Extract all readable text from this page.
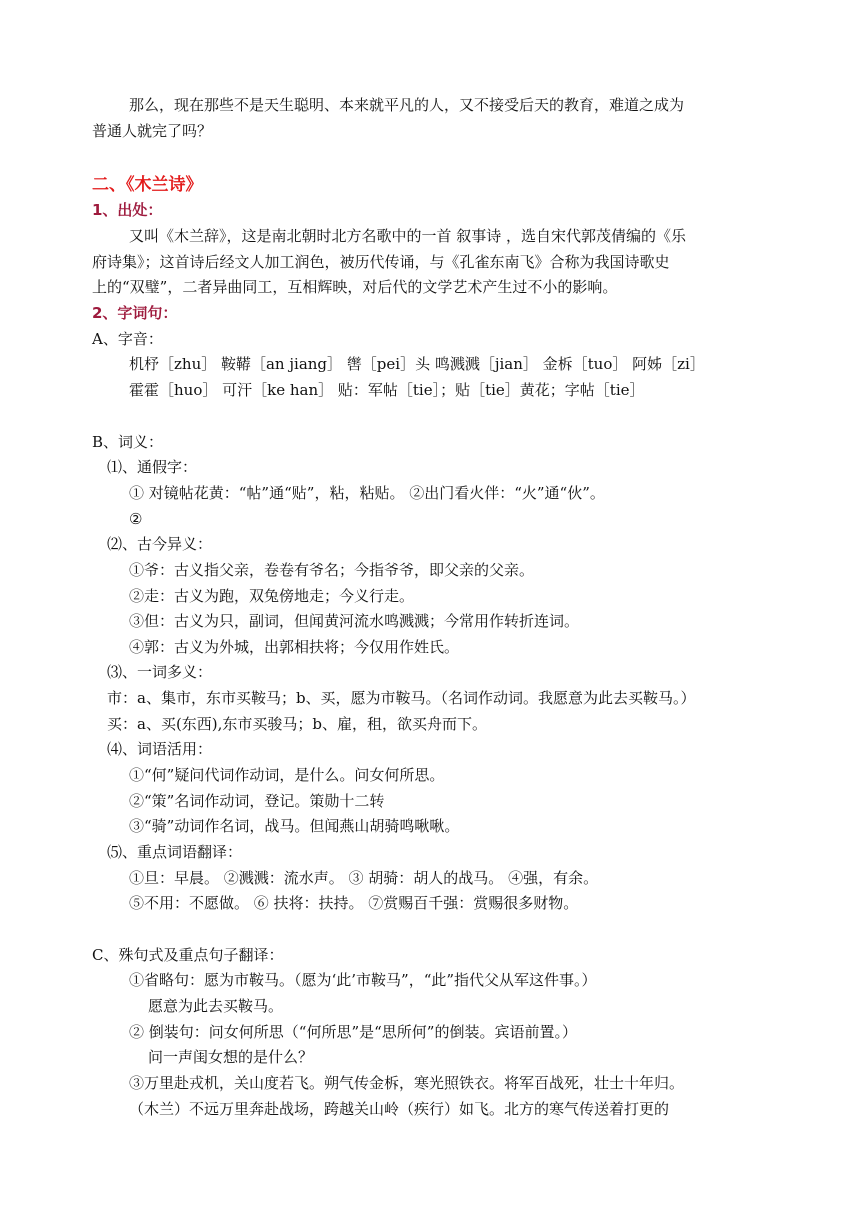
那么，现在那些不是天生聪明、本来就平凡的人，又不接受后天的教育，难道之成为

普通人就完了吗？

二、《木兰诗》

1、出处：

又叫《木兰辞》，这是南北朝时北方名歌中的一首 叙事诗 ，选自宋代郭茂倩编的《乐

府诗集》；这首诗后经文人加工润色，被历代传诵，与《孔雀东南飞》合称为我国诗歌史

上的“双璧”，二者异曲同工，互相辉映，对后代的文学艺术产生过不小的影响。

2、字词句：

A、字音：

机杼［zhu］ 鞍鞯［an jiang］ 辔［pei］头 鸣溅溅［jian］ 金柝［tuo］ 阿姊［zi］

霍霍［huo］ 可汗［ke han］ 贴：军帖［tie］；贴［tie］黄花；字帖［tie］

B、词义：

⑴、通假字：

① 对镜帖花黄：“帖”通“贴”，粘，粘贴。 ②出门看火伴：“火”通“伙”。

②

⑵、古今异义：

①爷：古义指父亲，卷卷有爷名；今指爷爷，即父亲的父亲。

②走：古义为跑，双兔傍地走；今义行走。

③但：古义为只，副词，但闻黄河流水鸣溅溅；今常用作转折连词。

④郭：古义为外城，出郭相扶将；今仅用作姓氏。

⑶、一词多义：

市：a、集市，东市买鞍马；b、买，愿为市鞍马。（名词作动词。我愿意为此去买鞍马。）

买：a、买(东西),东市买骏马；b、雇，租，欲买舟而下。

⑷、词语活用：

①“何”疑问代词作动词，是什么。问女何所思。

②“策”名词作动词，登记。策勋十二转

③“骑”动词作名词，战马。但闻燕山胡骑鸣啾啾。

⑸、重点词语翻译：

①旦：早晨。 ②溅溅：流水声。 ③ 胡骑：胡人的战马。 ④强，有余。

⑤不用：不愿做。 ⑥ 扶将：扶持。 ⑦赏赐百千强：赏赐很多财物。

C、殊句式及重点句子翻译：

①省略句：愿为市鞍马。（愿为‘此’市鞍马”，“此”指代父从军这件事。）

愿意为此去买鞍马。

② 倒装句：问女何所思（“何所思”是“思所何”的倒装。宾语前置。）

问一声闺女想的是什么？

③万里赴戎机，关山度若飞。朔气传金柝，寒光照铁衣。将军百战死，壮士十年归。

（木兰）不远万里奔赴战场，跨越关山岭（疾行）如飞。北方的寒气传送着打更的
